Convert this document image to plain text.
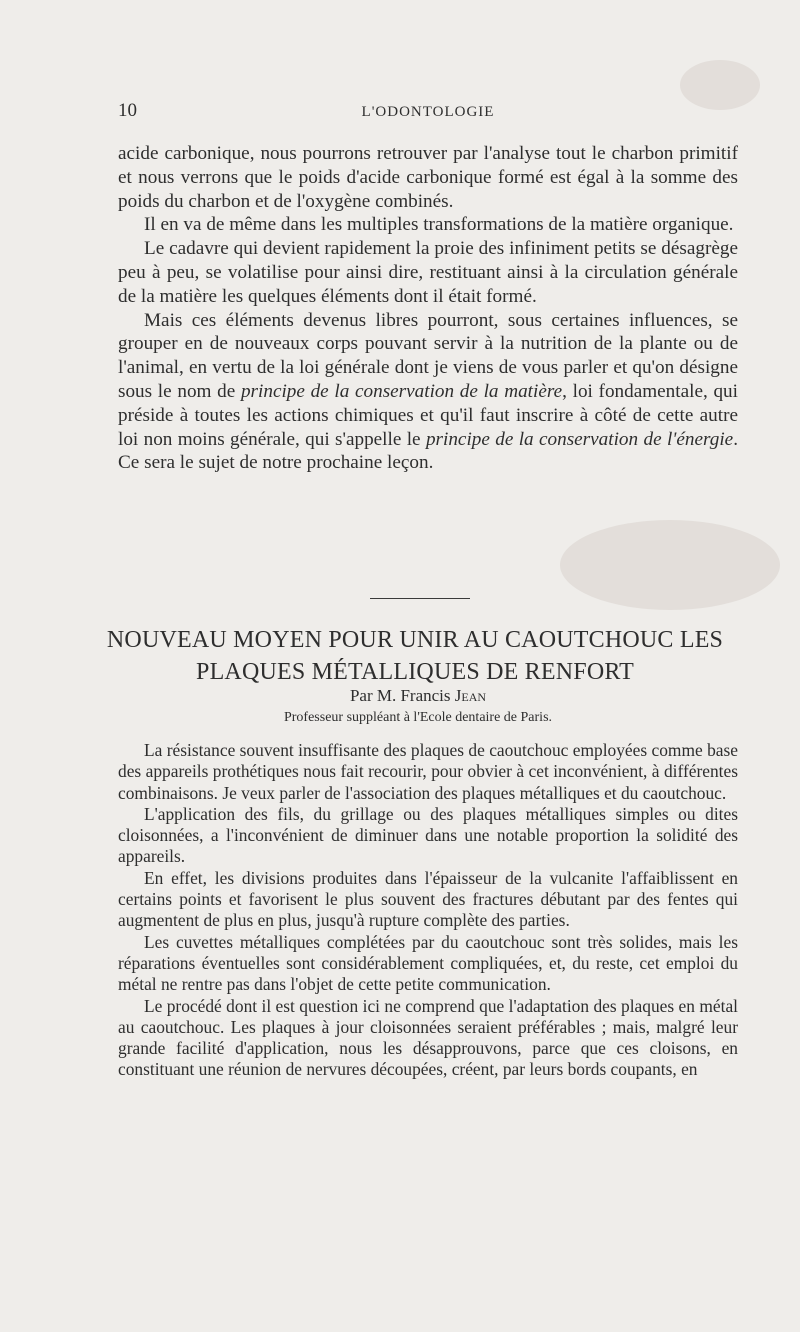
10	L'ODONTOLOGIE

acide carbonique, nous pourrons retrouver par l'analyse tout le charbon primitif et nous verrons que le poids d'acide carbonique formé est égal à la somme des poids du charbon et de l'oxygène combinés.

Il en va de même dans les multiples transformations de la matière organique.

Le cadavre qui devient rapidement la proie des infiniment petits se désagrège peu à peu, se volatilise pour ainsi dire, restituant ainsi à la circulation générale de la matière les quelques éléments dont il était formé.

Mais ces éléments devenus libres pourront, sous certaines influences, se grouper en de nouveaux corps pouvant servir à la nutrition de la plante ou de l'animal, en vertu de la loi générale dont je viens de vous parler et qu'on désigne sous le nom de principe de la conservation de la matière, loi fondamentale, qui préside à toutes les actions chimiques et qu'il faut inscrire à côté de cette autre loi non moins générale, qui s'appelle le principe de la conservation de l'énergie. Ce sera le sujet de notre prochaine leçon.

NOUVEAU MOYEN POUR UNIR AU CAOUTCHOUC LES
PLAQUES MÉTALLIQUES DE RENFORT
Par M. Francis Jean
Professeur suppléant à l'Ecole dentaire de Paris.

La résistance souvent insuffisante des plaques de caoutchouc employées comme base des appareils prothétiques nous fait recourir, pour obvier à cet inconvénient, à différentes combinaisons. Je veux parler de l'association des plaques métalliques et du caoutchouc.

L'application des fils, du grillage ou des plaques métalliques simples ou dites cloisonnées, a l'inconvénient de diminuer dans une notable proportion la solidité des appareils.

En effet, les divisions produites dans l'épaisseur de la vulcanite l'affaiblissent en certains points et favorisent le plus souvent des fractures débutant par des fentes qui augmentent de plus en plus, jusqu'à rupture complète des parties.

Les cuvettes métalliques complétées par du caoutchouc sont très solides, mais les réparations éventuelles sont considérablement compliquées, et, du reste, cet emploi du métal ne rentre pas dans l'objet de cette petite communication.

Le procédé dont il est question ici ne comprend que l'adaptation des plaques en métal au caoutchouc. Les plaques à jour cloisonnées seraient préférables ; mais, malgré leur grande facilité d'application, nous les désapprouvons, parce que ces cloisons, en constituant une réunion de nervures découpées, créent, par leurs bords coupants, en
